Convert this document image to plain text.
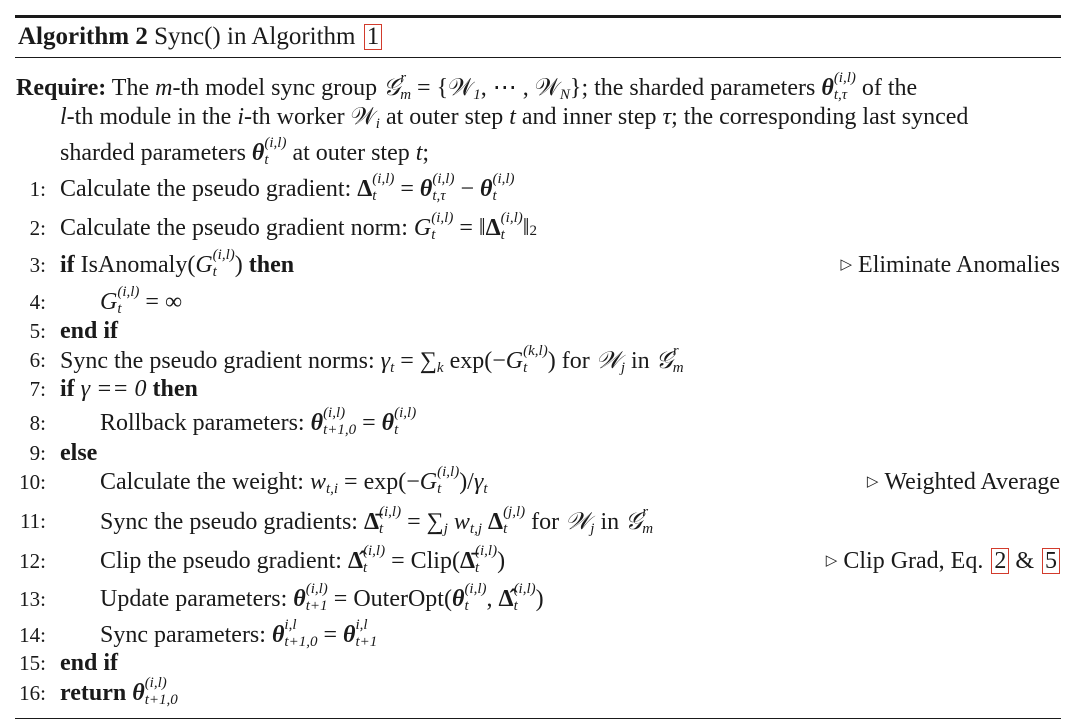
Algorithm 2 Sync() in Algorithm 1
Require: The m-th model sync group 𝒢 r
m = {𝒲
1 , ⋯ , 𝒲
N }; the sharded parameters θ (i,l)
t,τ of the
l-th module in the i-th worker 𝒲
i at outer step t and inner step τ; the corresponding last synced
sharded parameters θ (i,l)
t at outer step t;
1: Calculate the pseudo gradient: Δ (i,l)
t = θ (i,l)
t,τ − θ (i,l)
t
2: Calculate the pseudo gradient norm: G (i,l)
t = ‖Δ (i,l)
t ‖2
3: if IsAnomaly(G (i,l)
t ) then	▷ Eliminate Anomalies
4: G (i,l)
t = ∞
5: end if
6: Sync the pseudo gradient norms: γ
t = ∑
k exp(−G (k,l)
t ) for 𝒲
j in 𝒢 r
m
7: if γ == 0 then
8: Rollback parameters: θ (i,l)
t+1,0 = θ (i,l)
t
9: else
10: Calculate the weight: w
t,i = exp(−G (i,l)
t )/γ
t	▷ Weighted Average
11: Sync the pseudo gradients: Δ̄ (i,l)
t = ∑
j w
t,j Δ (j,l)
t for 𝒲
j in 𝒢 r
m
12: Clip the pseudo gradient: Δ̂ (i,l)
t = Clip(Δ̄ (i,l)
t )	▷ Clip Grad, Eq. 2 & 5
13: Update parameters: θ (i,l)
t+1 = OuterOpt(θ (i,l)
t , Δ̂ (i,l)
t )
14: Sync parameters: θ i,l
t+1,0 = θ i,l
t+1
15: end if
16: return θ (i,l)
t+1,0
